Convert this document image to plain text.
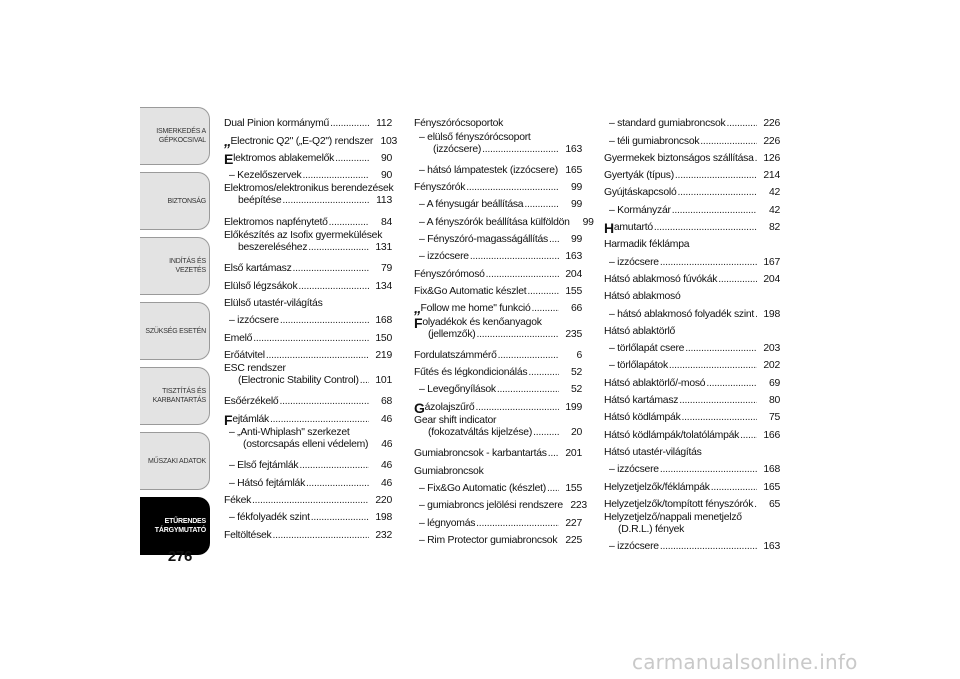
ISMERKEDÉS A
GÉPKOCSIVAL
BIZTONSÁG
INDÍTÁS ÉS VEZETÉS
SZÜKSÉG ESETÉN
TISZTÍTÁS ÉS
KARBANTARTÁS
MŰSZAKI ADATOK
ETŰRENDES
TÁRGYMUTATÓ
276
Dual Pinion kormánymű .....	112
„ Electronic Q2" („E-Q2") rendszer 103
E lektromos ablakemelők .....	90
– Kezelőszervek .....	90
Elektromos/elektronikus berendezések
beépítése .....	113
Elektromos napfénytető .....	84
Előkészítés az Isofix gyermekülések
beszereléséhez .....	131
Első kartámasz .....	79
Elülső légzsákok .....	134
Elülső utastér-világítás
– izzócsere .....	168
Emelő .....	150
Erőátvitel .....	219
ESC rendszer
(Electronic Stability Control) .....	101
Esőérzékelő .....	68
F ejtámlák .....	46
– „Anti-Whiplash" szerkezet
(ostorcsapás elleni védelem)	46
– Első fejtámlák .....	46
– Hátsó fejtámlák .....	46
Fékek .....	220
– fékfolyadék szint .....	198
Feltöltések .....	232
Fényszórócsoportok
– elülső fényszórócsoport
(izzócsere) .....	163
– hátsó lámpatestek (izzócsere) ..... 165
Fényszórók .....	99
– A fénysugár beállítása .....	99
– A fényszórók beállítása külföldön	99
– Fényszóró-magasságállítás .....	99
– izzócsere .....	163
Fényszórómosó .....	204
Fix&Go Automatic készlet .....	155
„ Follow me home" funkció .....	66
F olyadékok és kenőanyagok
(jellemzők) .....	235
Fordulatszámmérő .....	6
Fűtés és légkondicionálás .....	52
– Levegőnyílások .....	52
G ázolajszűrő .....	199
Gear shift indicator
(fokozatváltás kijelzése) .....	20
Gumiabroncsok - karbantartás .....	201
Gumiabroncsok
– Fix&Go Automatic (készlet) .....	155
– gumiabroncs jelölési rendszere 223
– légnyomás .....	227
– Rim Protector gumiabroncsok ..... 225
– standard gumiabroncsok .....	226
– téli gumiabroncsok .....	226
Gyermekek biztonságos szállítása ..... 126
Gyertyák (típus) .....	214
Gyújtáskapcsoló .....	42
– Kormányzár .....	42
H amutartó .....	82
Harmadik féklámpa
– izzócsere .....	167
Hátsó ablakmosó fúvókák .....	204
Hátsó ablakmosó
– hátsó ablakmosó folyadék szint ..... 198
Hátsó ablaktörlő
– törlőlapát csere .....	203
– törlőlapátok .....	202
Hátsó ablaktörlő/-mosó .....	69
Hátsó kartámasz .....	80
Hátsó ködlámpák .....	75
Hátsó ködlámpák/tolatólámpák .....	166
Hátsó utastér-világítás
– izzócsere .....	168
Helyzetjelzők/féklámpák .....	165
Helyzetjelzők/tompított fényszórók .....	65
Helyzetjelző/nappali menetjelző
(D.R.L.) fények
– izzócsere .....	163
carmanualsonline.info
